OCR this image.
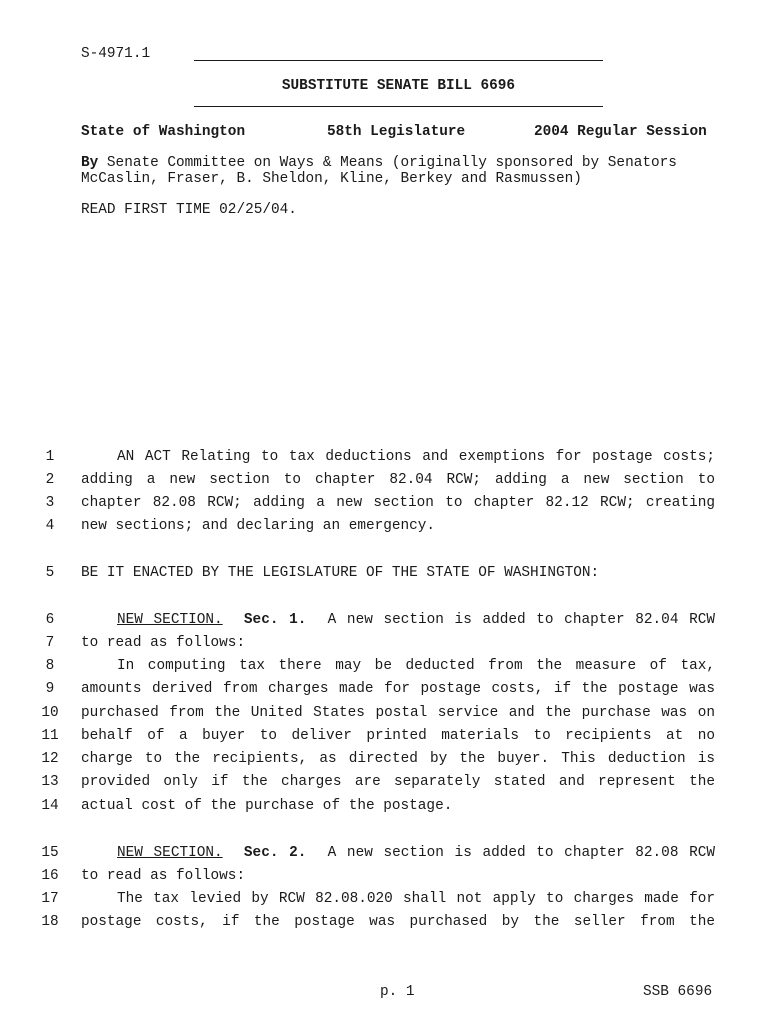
S-4971.1
SUBSTITUTE SENATE BILL 6696
State of Washington	58th Legislature	2004 Regular Session
By Senate Committee on Ways & Means (originally sponsored by Senators
McCaslin, Fraser, B. Sheldon, Kline, Berkey and Rasmussen)
READ FIRST TIME 02/25/04.
1	AN ACT Relating to tax deductions and exemptions for postage costs;
2	adding a new section to chapter 82.04 RCW; adding a new section to
3	chapter 82.08 RCW; adding a new section to chapter 82.12 RCW; creating
4	new sections; and declaring an emergency.
5	BE IT ENACTED BY THE LEGISLATURE OF THE STATE OF WASHINGTON:
6	NEW SECTION. Sec. 1. A new section is added to chapter 82.04 RCW
7	to read as follows:
8	In computing tax there may be deducted from the measure of tax,
9	amounts derived from charges made for postage costs, if the postage was
10	purchased from the United States postal service and the purchase was on
11	behalf of a buyer to deliver printed materials to recipients at no
12	charge to the recipients, as directed by the buyer. This deduction is
13	provided only if the charges are separately stated and represent the
14	actual cost of the purchase of the postage.
15	NEW SECTION. Sec. 2. A new section is added to chapter 82.08 RCW
16	to read as follows:
17	The tax levied by RCW 82.08.020 shall not apply to charges made for
18	postage costs, if the postage was purchased by the seller from the
p. 1	SSB 6696
